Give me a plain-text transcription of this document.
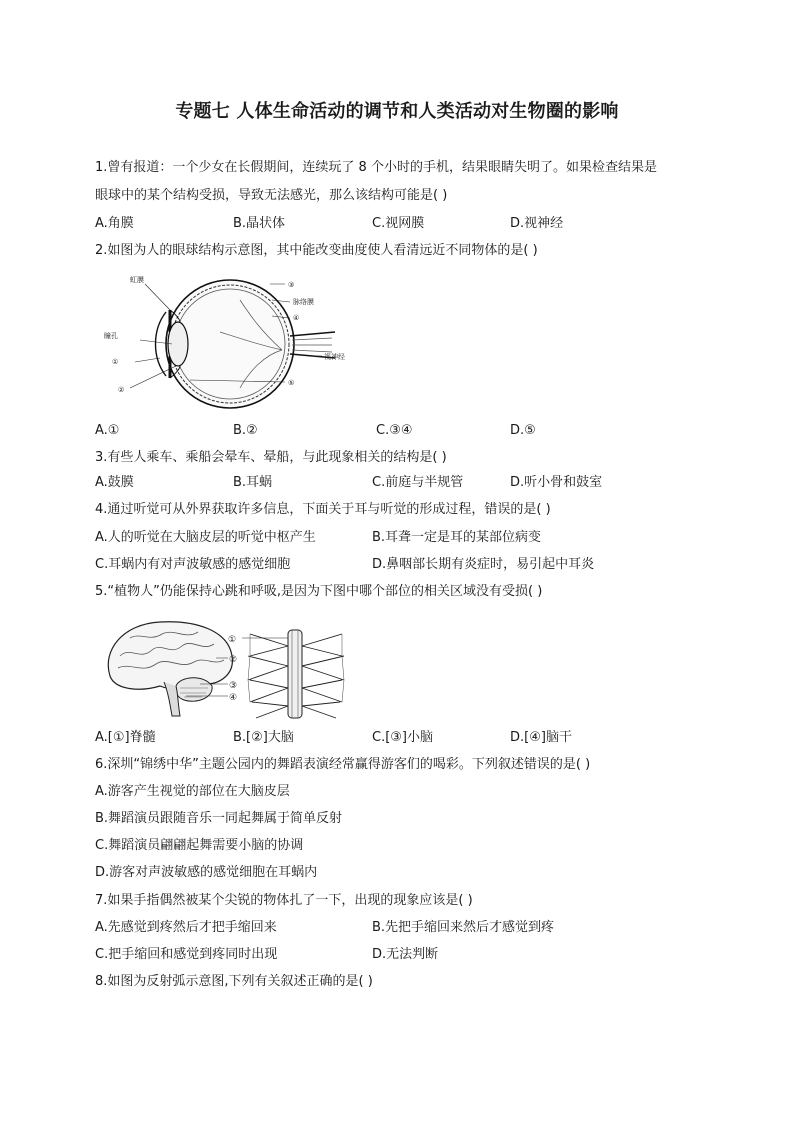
专题七 人体生命活动的调节和人类活动对生物圈的影响
1.曾有报道：一个少女在长假期间，连续玩了 8 个小时的手机，结果眼睛失明了。如果检查结果是
眼球中的某个结构受损，导致无法感光，那么该结构可能是( )
A.角膜	B.晶状体	C.视网膜	D.视神经
2.如图为人的眼球结构示意图，其中能改变曲度使人看清远近不同物体的是( )
虹膜
瞳孔
①
②
③
脉络膜
④
视神经
⑤
A.①	B.②	C.③④	D.⑤
3.有些人乘车、乘船会晕车、晕船，与此现象相关的结构是( )
A.鼓膜	B.耳蜗	C.前庭与半规管	D.听小骨和鼓室
4.通过听觉可从外界获取许多信息，下面关于耳与听觉的形成过程，错误的是( )
A.人的听觉在大脑皮层的听觉中枢产生	B.耳聋一定是耳的某部位病变
C.耳蜗内有对声波敏感的感觉细胞	D.鼻咽部长期有炎症时，易引起中耳炎
5.“植物人”仍能保持心跳和呼吸,是因为下图中哪个部位的相关区域没有受损( )
①
②
③
④
A.[①]脊髓	B.[②]大脑	C.[③]小脑	D.[④]脑干
6.深圳“锦绣中华”主题公园内的舞蹈表演经常赢得游客们的喝彩。下列叙述错误的是( )
A.游客产生视觉的部位在大脑皮层
B.舞蹈演员跟随音乐一同起舞属于简单反射
C.舞蹈演员翩翩起舞需要小脑的协调
D.游客对声波敏感的感觉细胞在耳蜗内
7.如果手指偶然被某个尖锐的物体扎了一下，出现的现象应该是( )
A.先感觉到疼然后才把手缩回来	B.先把手缩回来然后才感觉到疼
C.把手缩回和感觉到疼同时出现	D.无法判断
8.如图为反射弧示意图,下列有关叙述正确的是( )
